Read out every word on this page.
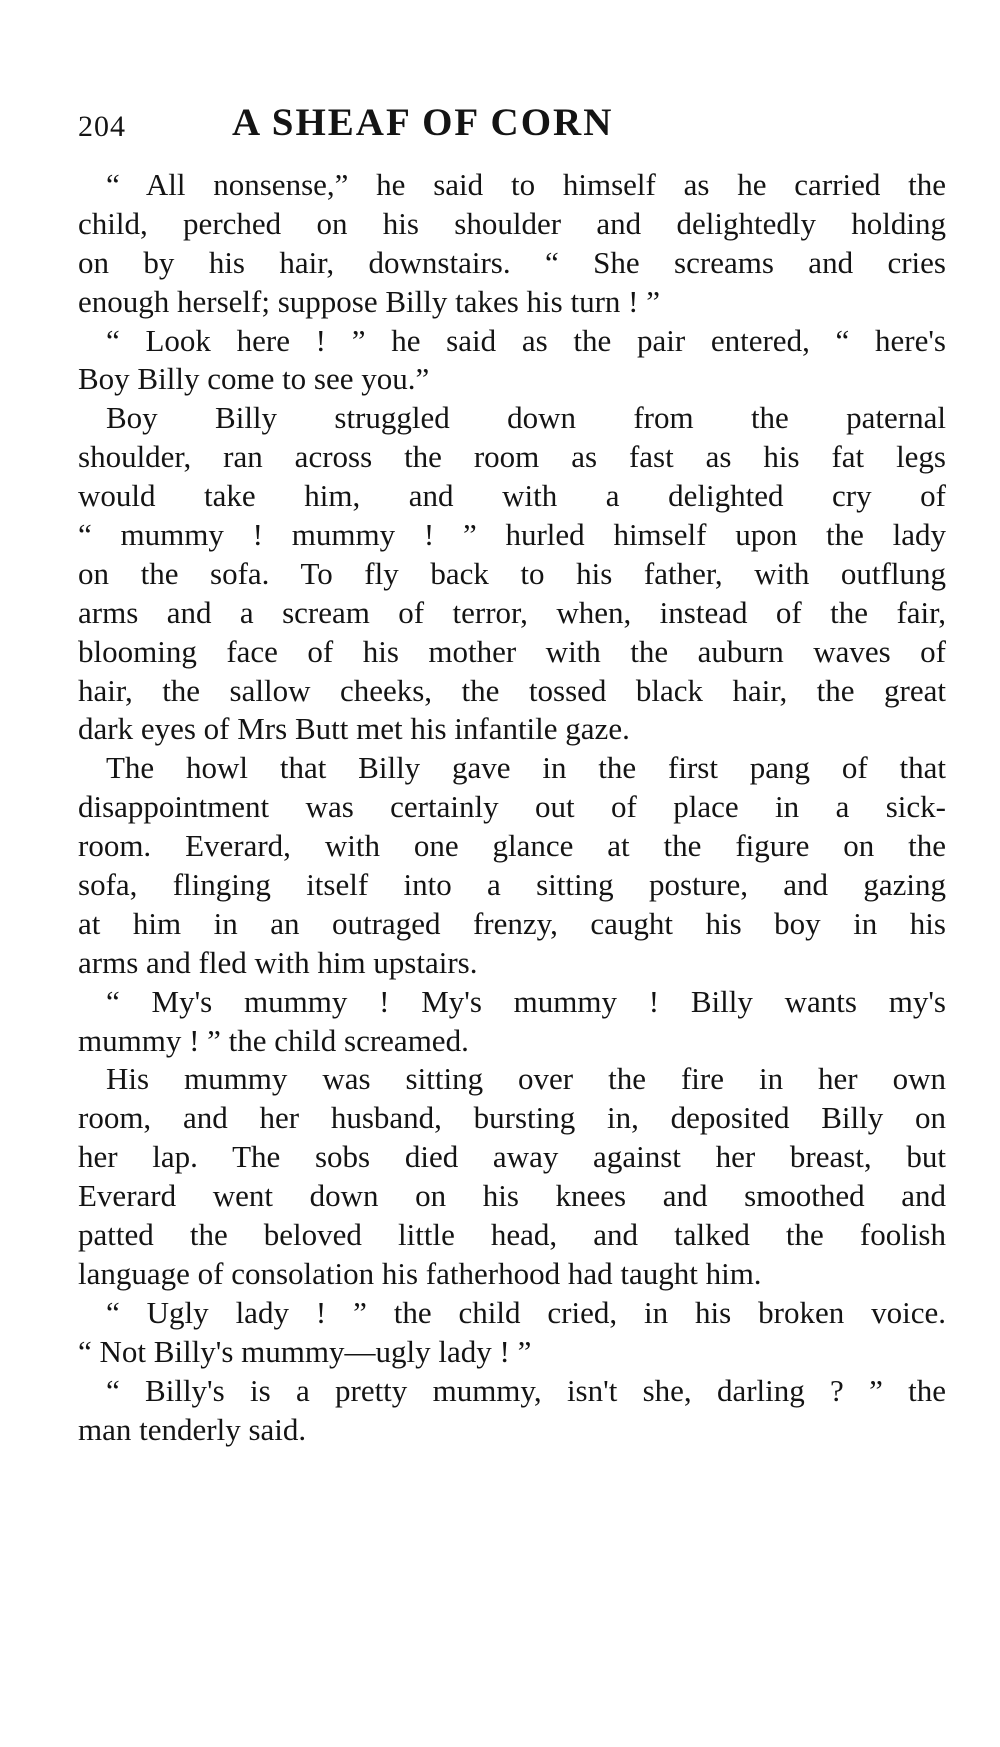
204	A SHEAF OF CORN
“ All nonsense,” he said to himself as he carried the
child, perched on his shoulder and delightedly holding
on by his hair, downstairs. “ She screams and cries
enough herself; suppose Billy takes his turn ! ”
“ Look here ! ” he said as the pair entered, “ here's
Boy Billy come to see you.”
Boy Billy struggled down from the paternal
shoulder, ran across the room as fast as his fat legs
would take him, and with a delighted cry of
“ mummy ! mummy ! ” hurled himself upon the lady
on the sofa. To fly back to his father, with outflung
arms and a scream of terror, when, instead of the fair,
blooming face of his mother with the auburn waves of
hair, the sallow cheeks, the tossed black hair, the great
dark eyes of Mrs Butt met his infantile gaze.
The howl that Billy gave in the first pang of that
disappointment was certainly out of place in a sick-
room. Everard, with one glance at the figure on the
sofa, flinging itself into a sitting posture, and gazing
at him in an outraged frenzy, caught his boy in his
arms and fled with him upstairs.
“ My's mummy ! My's mummy ! Billy wants my's
mummy ! ” the child screamed.
His mummy was sitting over the fire in her own
room, and her husband, bursting in, deposited Billy on
her lap. The sobs died away against her breast, but
Everard went down on his knees and smoothed and
patted the beloved little head, and talked the foolish
language of consolation his fatherhood had taught him.
“ Ugly lady ! ” the child cried, in his broken voice.
“ Not Billy's mummy—ugly lady ! ”
“ Billy's is a pretty mummy, isn't she, darling ? ” the
man tenderly said.
